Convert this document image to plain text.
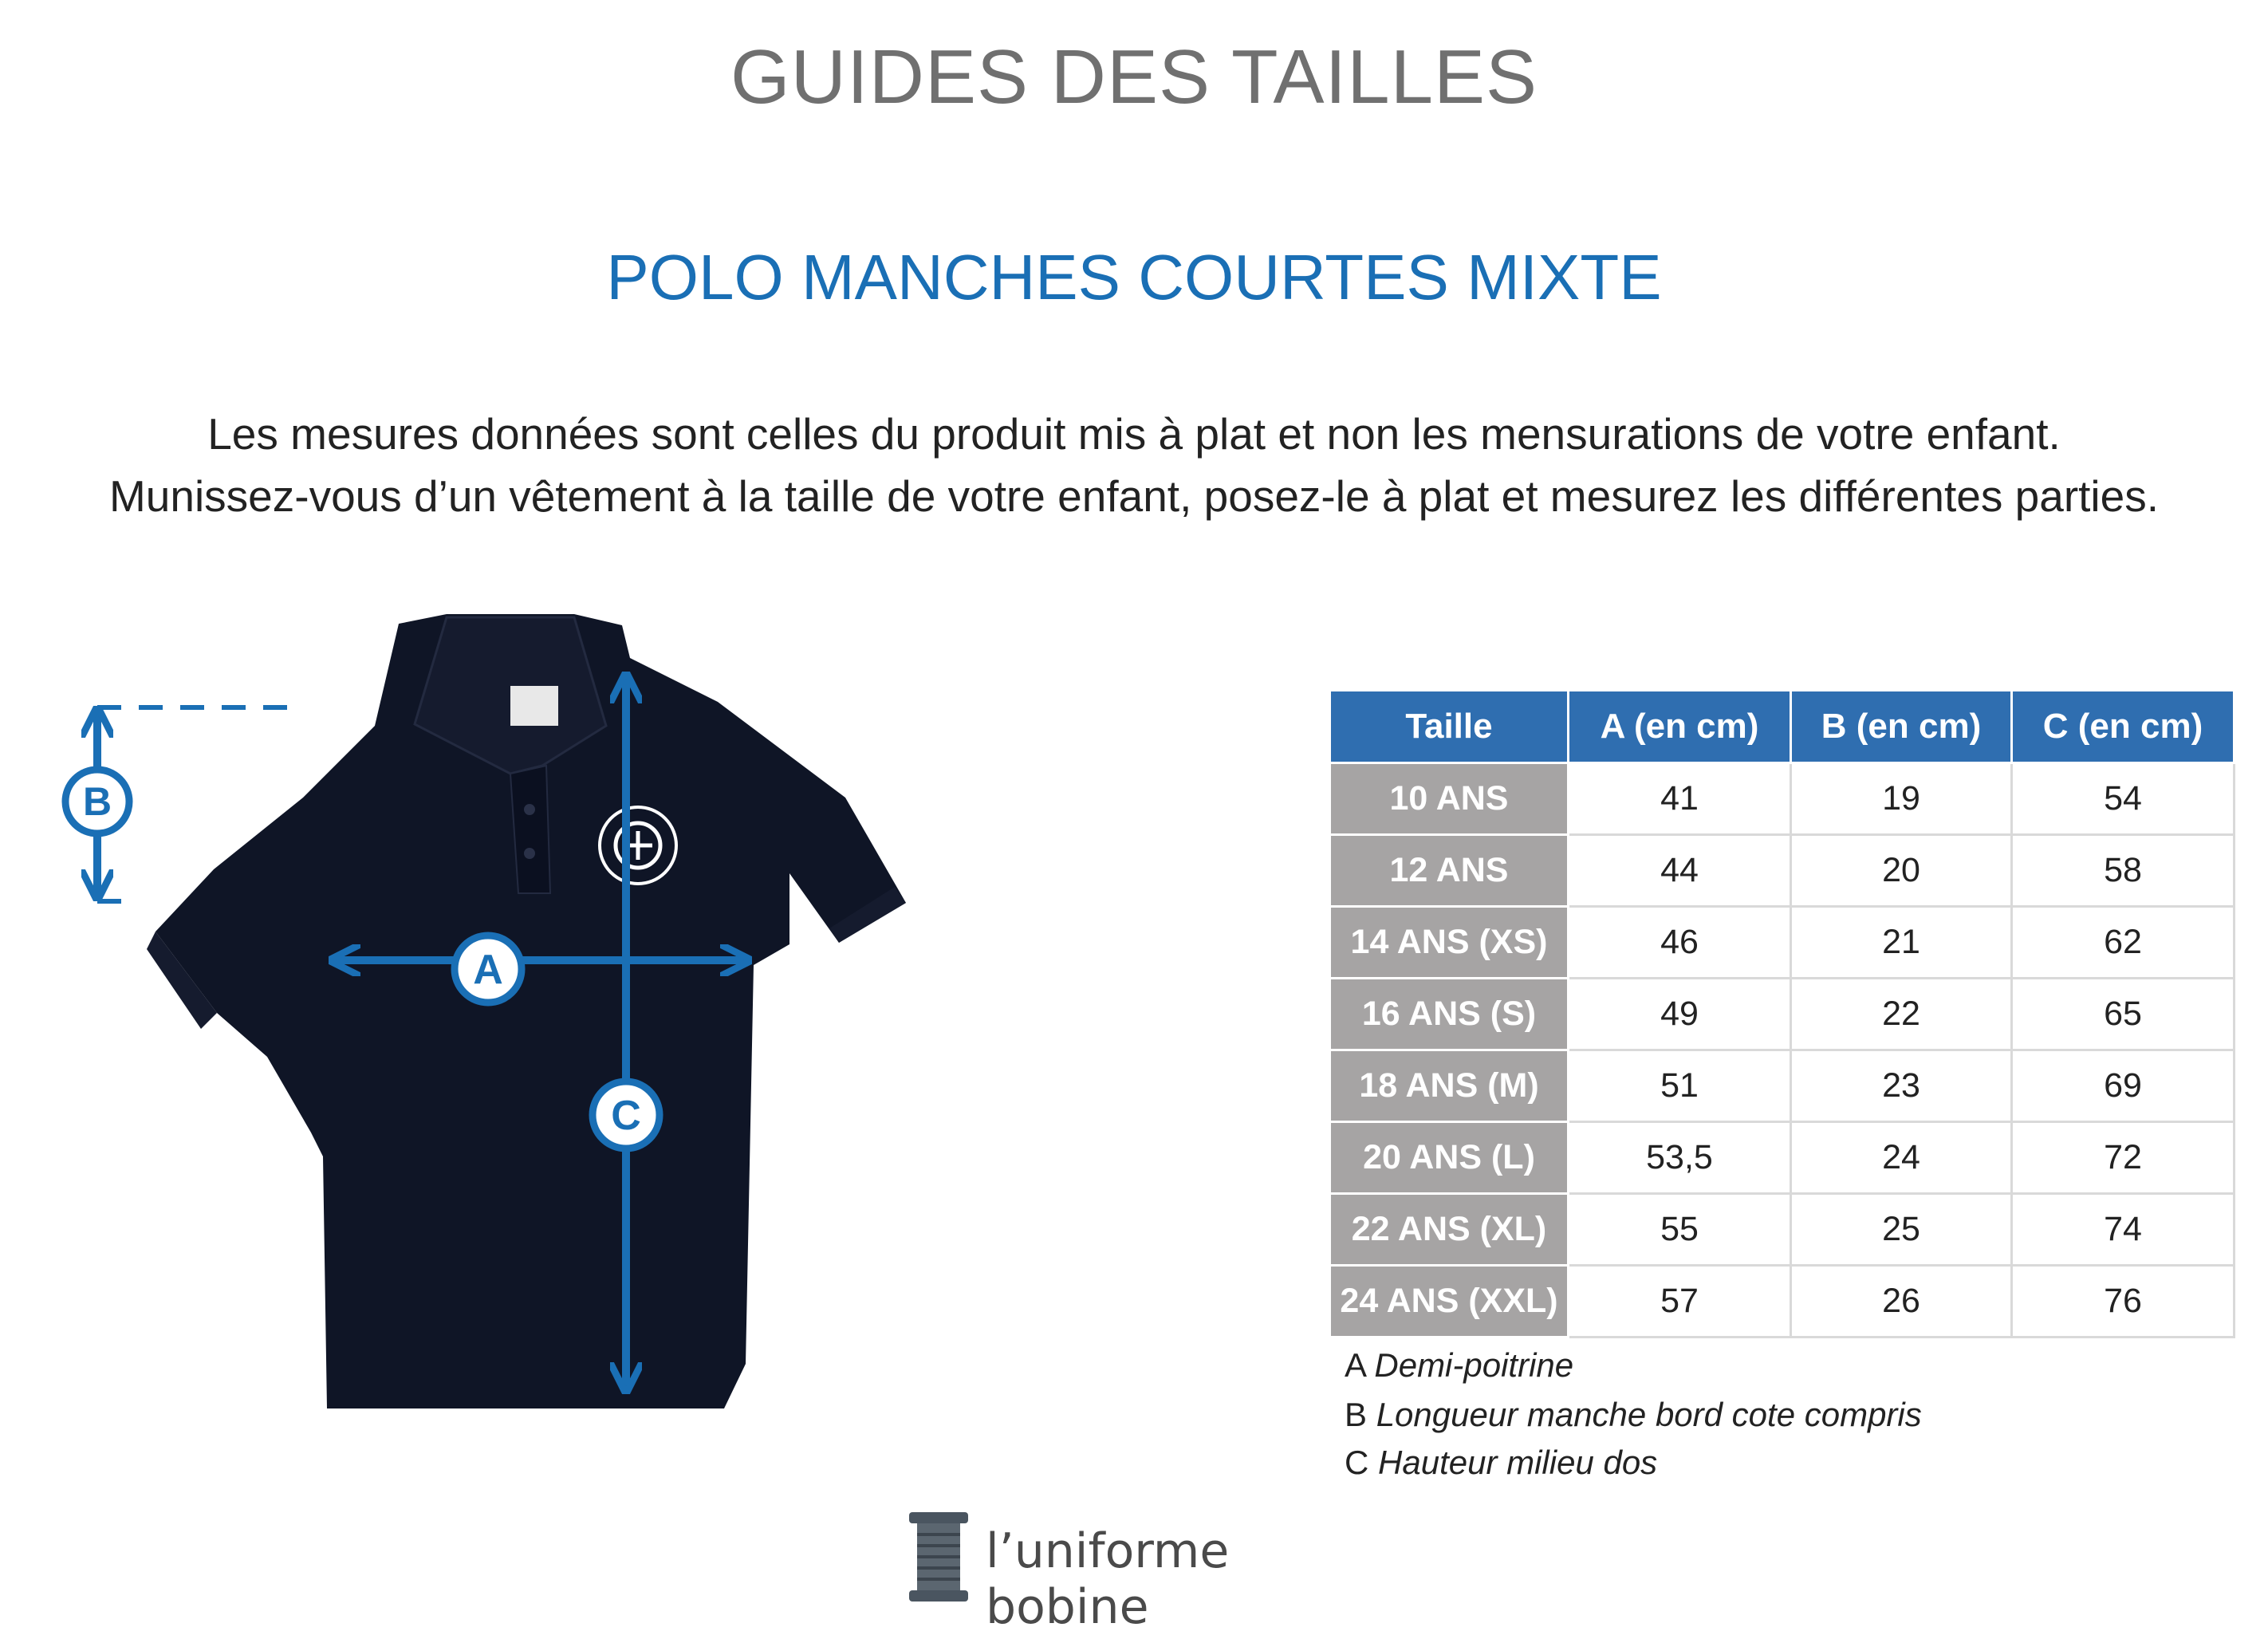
GUIDES DES TAILLES
POLO MANCHES COURTES MIXTE
Les mesures données sont celles du produit mis à plat et non les mensurations de votre enfant.
Munissez-vous d’un vêtement à la taille de votre enfant, posez-le à plat et mesurez les différentes parties.
B
A
C
Taille	A (en cm)	B (en cm)	C (en cm)
10 ANS	41	19	54
12 ANS	44	20	58
14 ANS (XS)	46	21	62
16 ANS (S)	49	22	65
18 ANS (M)	51	23	69
20 ANS (L)	53,5	24	72
22 ANS (XL)	55	25	74
24 ANS (XXL)	57	26	76
A Demi-poitrine
B Longueur manche bord cote compris
C Hauteur milieu dos
l’uniforme bobine
